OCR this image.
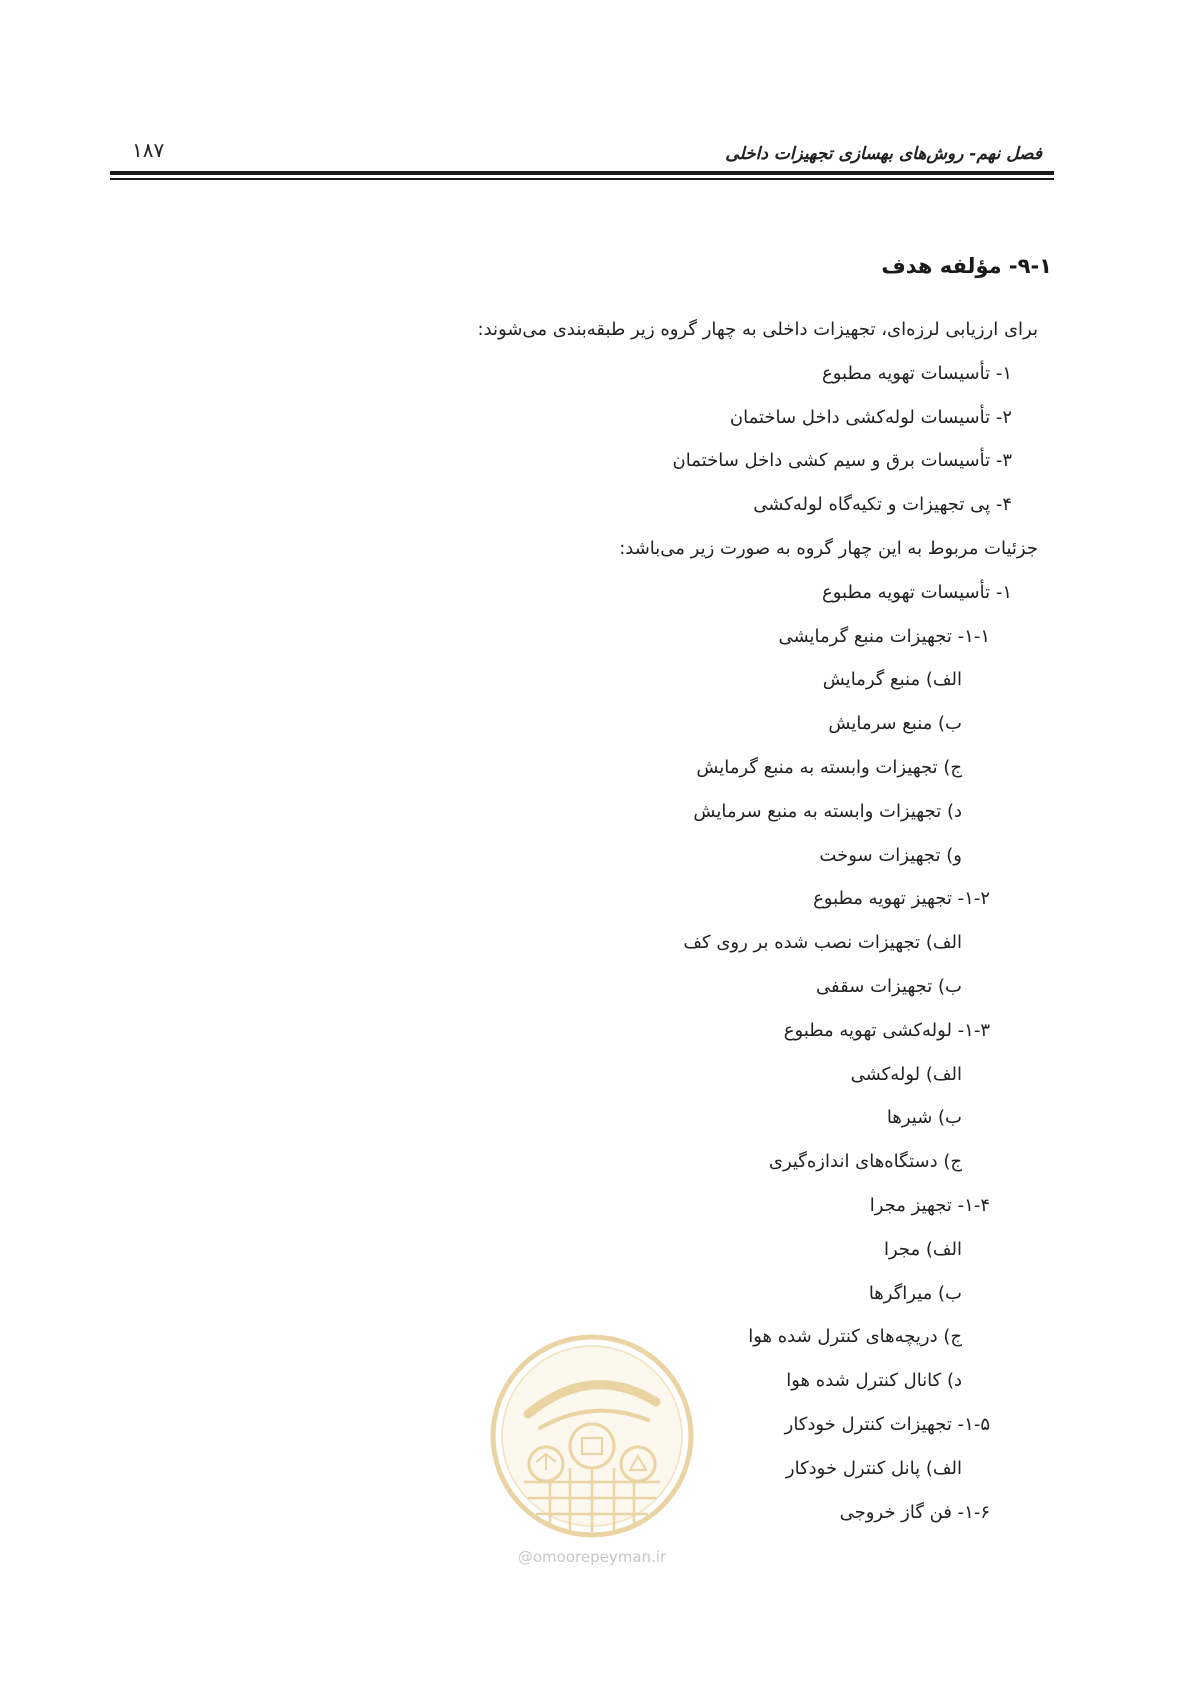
۱۸۷	فصل نهم- روش‌های بهسازی تجهیزات داخلی
۹-۱- مؤلفه هدف
برای ارزیابی لرزه‌ای، تجهیزات داخلی به چهار گروه زیر طبقه‌بندی می‌شوند:
۱- تأسیسات تهویه مطبوع
۲- تأسیسات لوله‌کشی داخل ساختمان
۳- تأسیسات برق و سیم کشی داخل ساختمان
۴- پی تجهیزات و تکیه‌گاه لوله‌کشی
جزئیات مربوط به این چهار گروه به صورت زیر می‌باشد:
۱- تأسیسات تهویه مطبوع
۱-۱- تجهیزات منبع گرمایشی
الف) منبع گرمایش
ب) منبع سرمایش
ج) تجهیزات وابسته به منبع گرمایش
د) تجهیزات وابسته به منبع سرمایش
و) تجهیزات سوخت
۱-۲- تجهیز تهویه مطبوع
الف) تجهیزات نصب شده بر روی کف
ب) تجهیزات سقفی
۱-۳- لوله‌کشی تهویه مطبوع
الف) لوله‌کشی
ب) شیرها
ج) دستگاه‌های اندازه‌گیری
۱-۴- تجهیز مجرا
الف) مجرا
ب) میراگرها
ج) دریچه‌های کنترل شده هوا
د) کانال کنترل شده هوا
۱-۵- تجهیزات کنترل خودکار
الف) پانل کنترل خودکار
۱-۶- فن گاز خروجی
@omoorepeyman.ir
